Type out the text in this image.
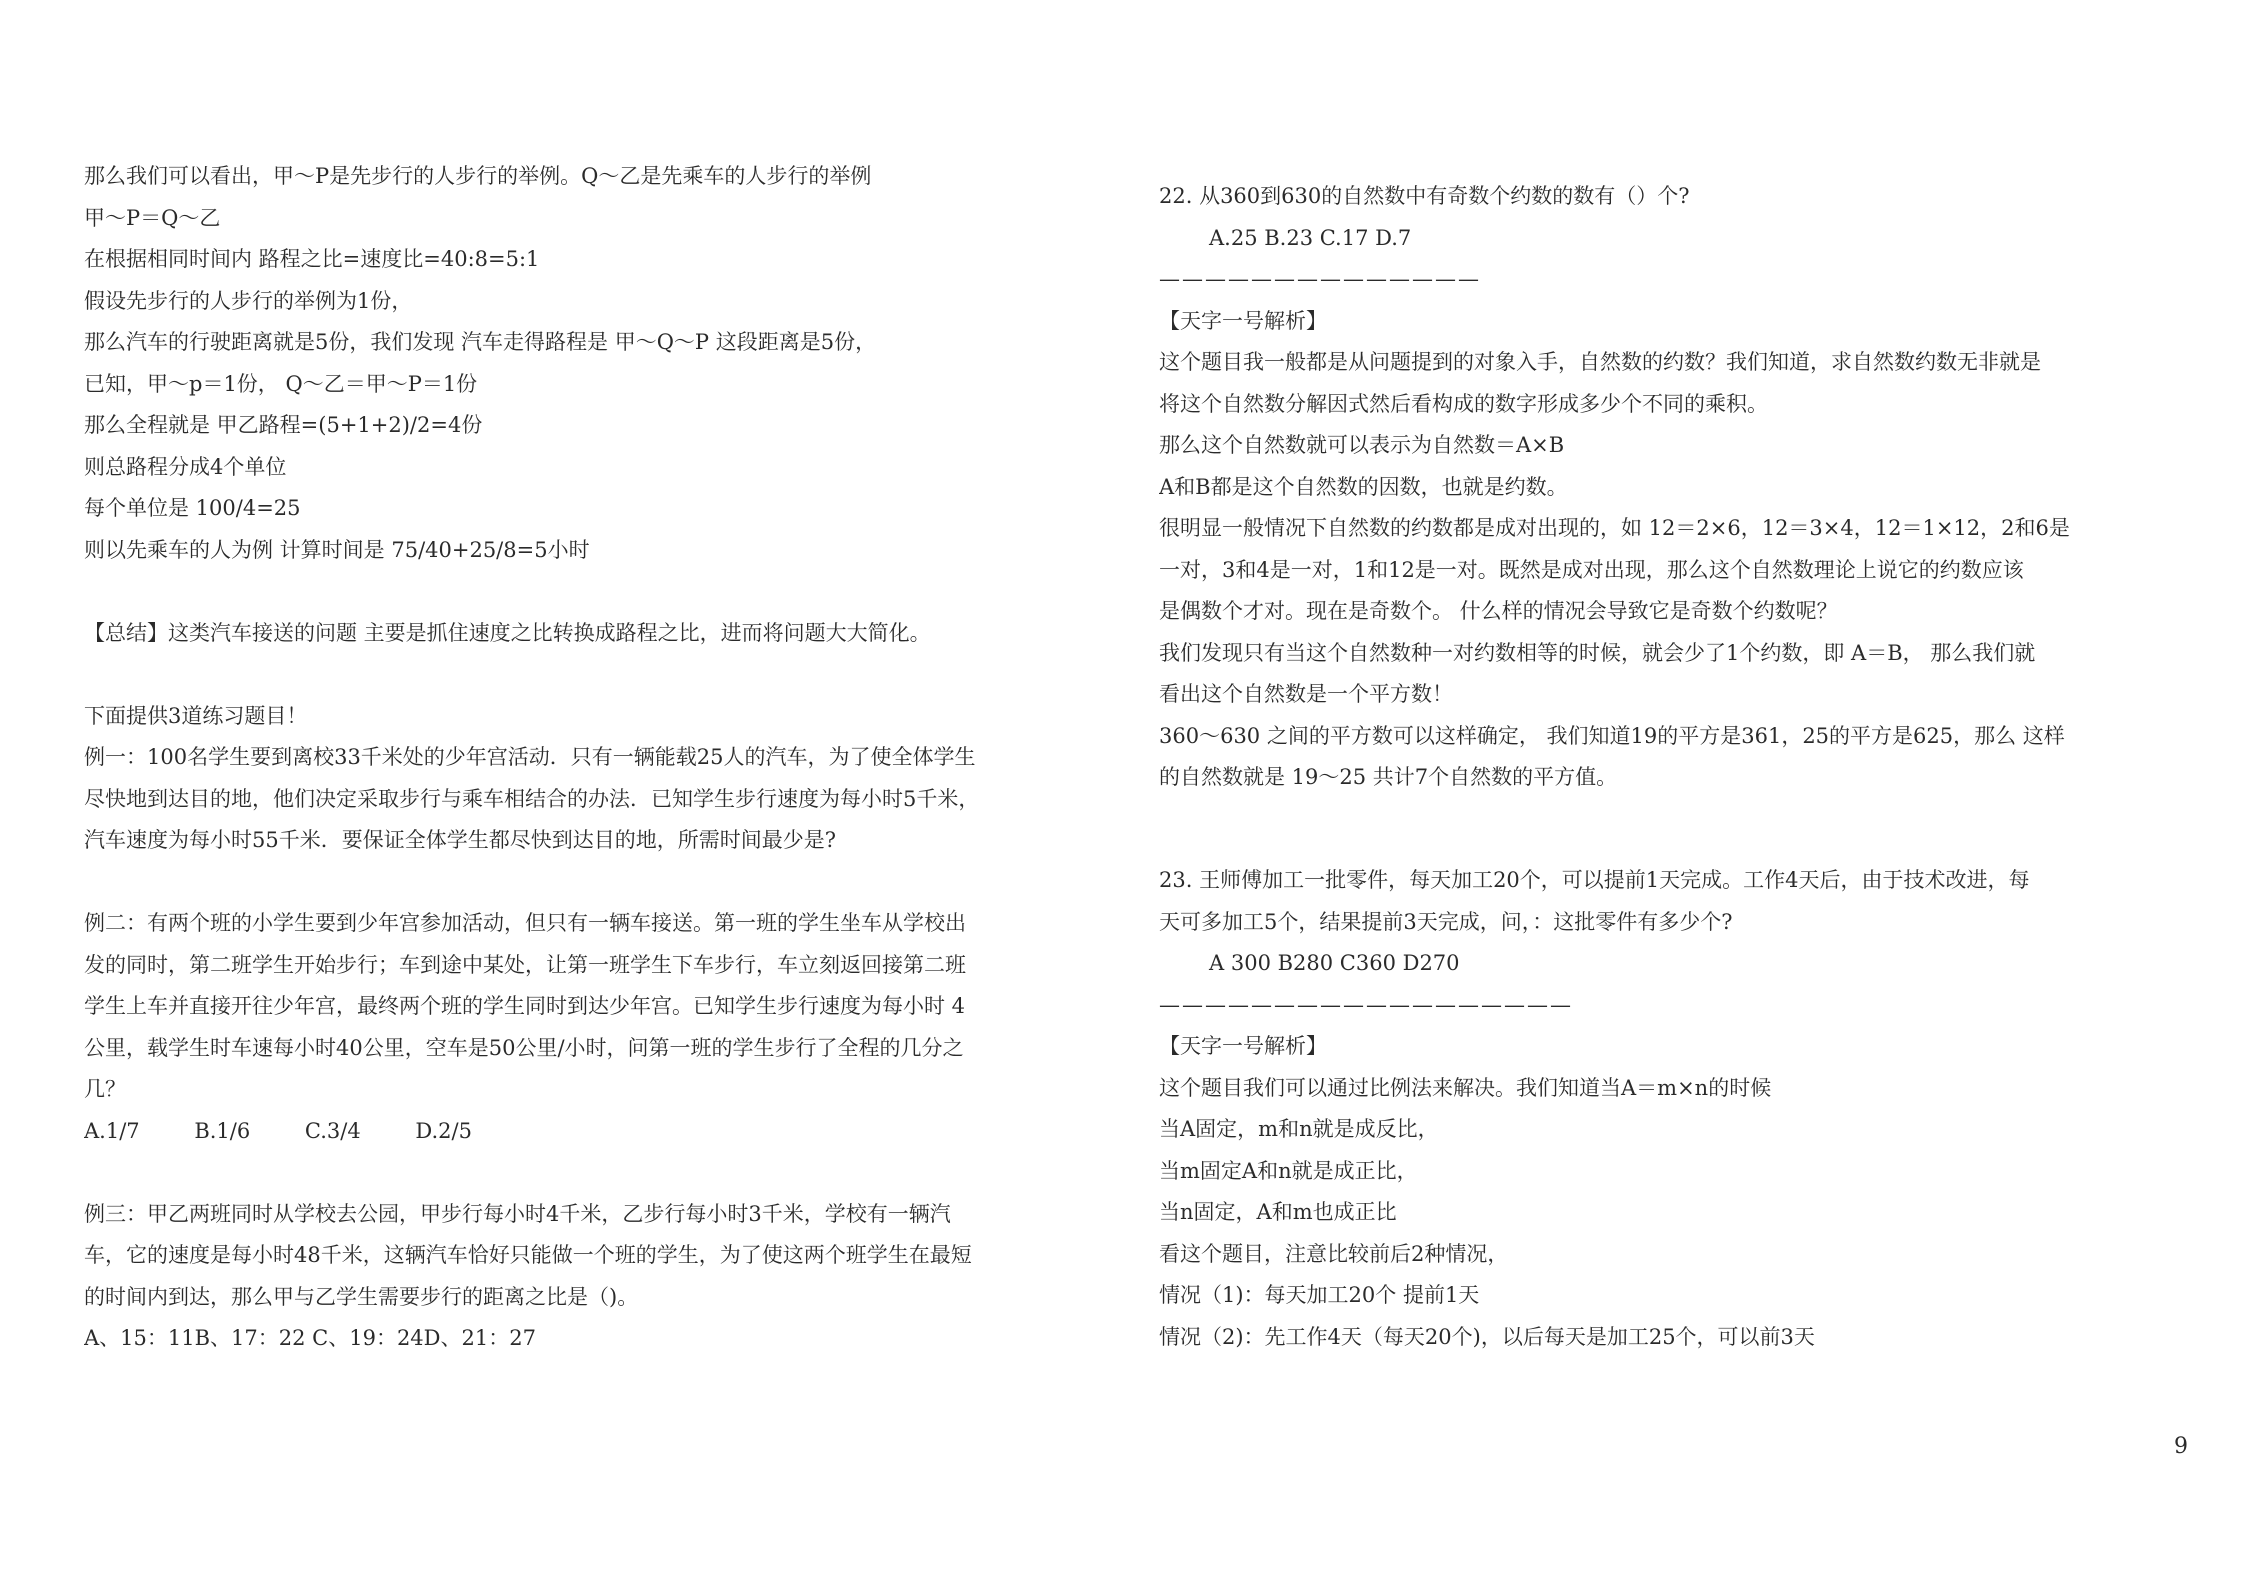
那么我们可以看出，甲～P是先步行的人步行的举例。Q～乙是先乘车的人步行的举例
甲～P＝Q～乙
在根据相同时间内 路程之比=速度比=40:8=5:1
假设先步行的人步行的举例为1份，
那么汽车的行驶距离就是5份，我们发现 汽车走得路程是 甲～Q～P 这段距离是5份，
已知，甲～p＝1份， Q～乙＝甲～P＝1份
那么全程就是 甲乙路程=(5+1+2)/2=4份
则总路程分成4个单位
每个单位是 100/4=25
则以先乘车的人为例 计算时间是 75/40+25/8=5小时
【总结】这类汽车接送的问题 主要是抓住速度之比转换成路程之比，进而将问题大大简化。
下面提供3道练习题目！
例一：100名学生要到离校33千米处的少年宫活动．只有一辆能载25人的汽车，为了使全体学生
尽快地到达目的地，他们决定采取步行与乘车相结合的办法．已知学生步行速度为每小时5千米，
汽车速度为每小时55千米．要保证全体学生都尽快到达目的地，所需时间最少是?
例二：有两个班的小学生要到少年宫参加活动，但只有一辆车接送。第一班的学生坐车从学校出
发的同时，第二班学生开始步行；车到途中某处，让第一班学生下车步行，车立刻返回接第二班
学生上车并直接开往少年宫，最终两个班的学生同时到达少年宫。已知学生步行速度为每小时 4
公里，载学生时车速每小时40公里，空车是50公里/小时，问第一班的学生步行了全程的几分之
几？
A.1/7	B.1/6	C.3/4	D.2/5
例三：甲乙两班同时从学校去公园，甲步行每小时4千米，乙步行每小时3千米，学校有一辆汽
车，它的速度是每小时48千米，这辆汽车恰好只能做一个班的学生，为了使这两个班学生在最短
的时间内到达，那么甲与乙学生需要步行的距离之比是（)。
A、15：11B、17：22 C、19：24D、21：27
22. 从360到630的自然数中有奇数个约数的数有（）个?
A.25 B.23 C.17 D.7
——————————————
【天字一号解析】
这个题目我一般都是从问题提到的对象入手，自然数的约数？我们知道，求自然数约数无非就是
将这个自然数分解因式然后看构成的数字形成多少个不同的乘积。
那么这个自然数就可以表示为自然数＝A×B
A和B都是这个自然数的因数，也就是约数。
很明显一般情况下自然数的约数都是成对出现的，如 12＝2×6，12＝3×4，12＝1×12，2和6是
一对，3和4是一对，1和12是一对。既然是成对出现，那么这个自然数理论上说它的约数应该
是偶数个才对。现在是奇数个。 什么样的情况会导致它是奇数个约数呢？
我们发现只有当这个自然数种一对约数相等的时候，就会少了1个约数，即 A＝B， 那么我们就
看出这个自然数是一个平方数！
360～630 之间的平方数可以这样确定， 我们知道19的平方是361，25的平方是625，那么 这样
的自然数就是 19～25 共计7个自然数的平方值。
23. 王师傅加工一批零件，每天加工20个，可以提前1天完成。工作4天后，由于技术改进，每
天可多加工5个，结果提前3天完成，问，：这批零件有多少个?
A 300 B280 C360 D270
——————————————————
【天字一号解析】
这个题目我们可以通过比例法来解决。我们知道当A＝m×n的时候
当A固定，m和n就是成反比，
当m固定A和n就是成正比，
当n固定，A和m也成正比
看这个题目，注意比较前后2种情况，
情况（1)：每天加工20个 提前1天
情况（2)：先工作4天（每天20个)，以后每天是加工25个，可以前3天
9
